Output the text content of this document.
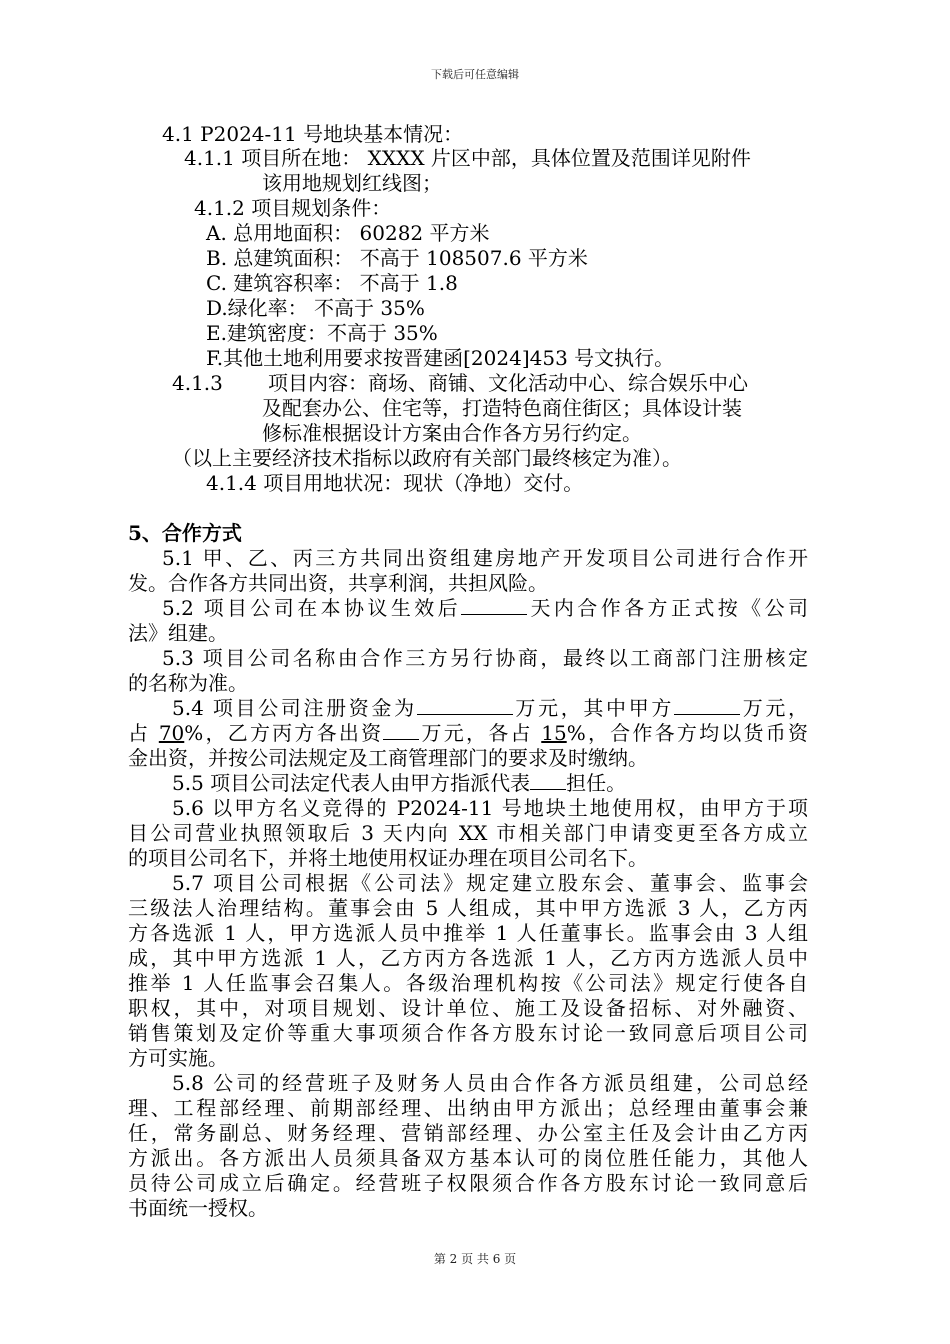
下载后可任意编辑
4.1 P2024-11 号地块基本情况：
4.1.1 项目所在地： XXXX 片区中部，具体位置及范围详见附件
该用地规划红线图；
4.1.2 项目规划条件：
A. 总用地面积： 60282 平方米
B. 总建筑面积： 不高于 108507.6 平方米
C. 建筑容积率： 不高于 1.8
D.绿化率： 不高于 35%
E.建筑密度：不高于 35%
F.其他土地利用要求按晋建函[2024]453 号文执行。
4.1.3 项目内容：商场、商铺、文化活动中心、综合娱乐中心
及配套办公、住宅等，打造特色商住街区；具体设计装
修标准根据设计方案由合作各方另行约定。
（以上主要经济技术指标以政府有关部门最终核定为准）。
4.1.4 项目用地状况：现状（净地）交付。
5、合作方式
5.1 甲、乙、丙三方共同出资组建房地产开发项目公司进行合作开
发。合作各方共同出资，共享利润，共担风险。
5.2 项目公司在本协议生效后	天内合作各方正式按《公司
法》组建。
5.3 项目公司名称由合作三方另行协商，最终以工商部门注册核定
的名称为准。
5.4 项目公司注册资金为	万元，其中甲方	万元，
占 70%，乙方丙方各出资 万元，各占 15%，合作各方均以货币资
金出资，并按公司法规定及工商管理部门的要求及时缴纳。
5.5 项目公司法定代表人由甲方指派代表 担任。
5.6 以甲方名义竞得的 P2024-11 号地块土地使用权，由甲方于项
目公司营业执照领取后 3 天内向 XX 市相关部门申请变更至各方成立
的项目公司名下，并将土地使用权证办理在项目公司名下。
5.7 项目公司根据《公司法》规定建立股东会、董事会、监事会
三级法人治理结构。董事会由 5 人组成，其中甲方选派 3 人，乙方丙
方各选派 1 人，甲方选派人员中推举 1 人任董事长。监事会由 3 人组
成，其中甲方选派 1 人，乙方丙方各选派 1 人，乙方丙方选派人员中
推举 1 人任监事会召集人。各级治理机构按《公司法》规定行使各自
职权，其中，对项目规划、设计单位、施工及设备招标、对外融资、
销售策划及定价等重大事项须合作各方股东讨论一致同意后项目公司
方可实施。
5.8 公司的经营班子及财务人员由合作各方派员组建，公司总经
理、工程部经理、前期部经理、出纳由甲方派出；总经理由董事会兼
任，常务副总、财务经理、营销部经理、办公室主任及会计由乙方丙
方派出。各方派出人员须具备双方基本认可的岗位胜任能力，其他人
员待公司成立后确定。经营班子权限须合作各方股东讨论一致同意后
书面统一授权。
第 2 页 共 6 页
